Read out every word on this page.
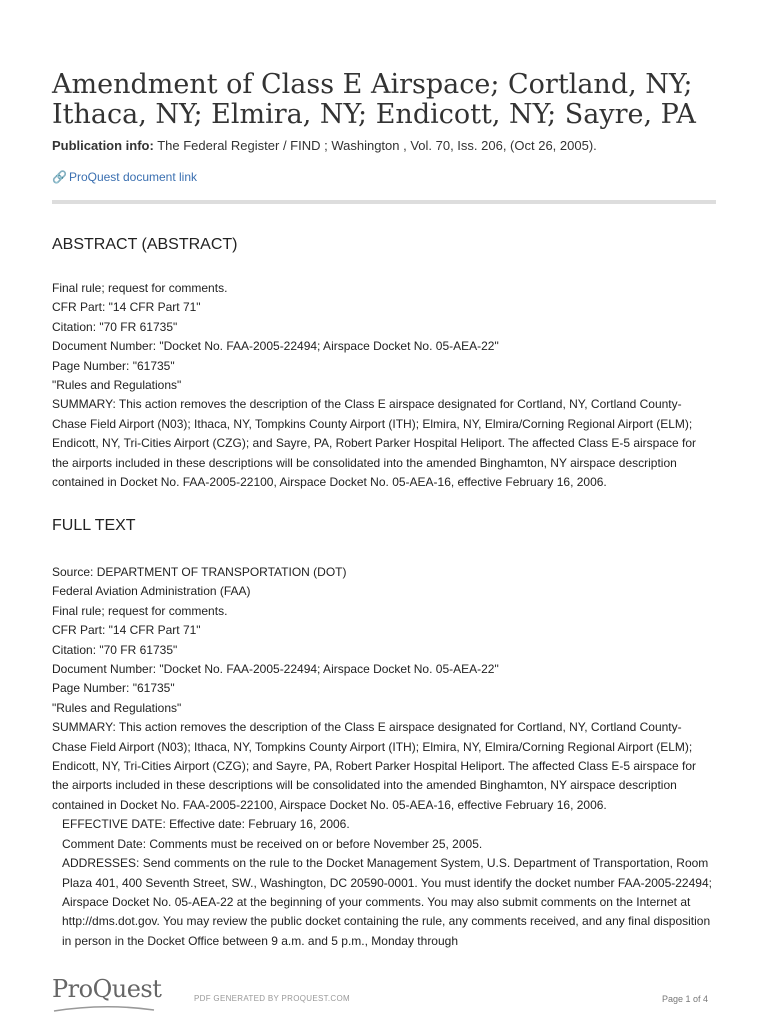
Amendment of Class E Airspace; Cortland, NY; Ithaca, NY; Elmira, NY; Endicott, NY; Sayre, PA
Publication info: The Federal Register / FIND ; Washington , Vol. 70, Iss. 206, (Oct 26, 2005).
🔗 ProQuest document link
ABSTRACT (ABSTRACT)
Final rule; request for comments.
CFR Part: "14 CFR Part 71"
Citation: "70 FR 61735"
Document Number: "Docket No. FAA-2005-22494; Airspace Docket No. 05-AEA-22"
Page Number: "61735"
"Rules and Regulations"
SUMMARY: This action removes the description of the Class E airspace designated for Cortland, NY, Cortland County-Chase Field Airport (N03); Ithaca, NY, Tompkins County Airport (ITH); Elmira, NY, Elmira/Corning Regional Airport (ELM); Endicott, NY, Tri-Cities Airport (CZG); and Sayre, PA, Robert Parker Hospital Heliport. The affected Class E-5 airspace for the airports included in these descriptions will be consolidated into the amended Binghamton, NY airspace description contained in Docket No. FAA-2005-22100, Airspace Docket No. 05-AEA-16, effective February 16, 2006.
FULL TEXT
Source: DEPARTMENT OF TRANSPORTATION (DOT)
Federal Aviation Administration (FAA)
Final rule; request for comments.
CFR Part: "14 CFR Part 71"
Citation: "70 FR 61735"
Document Number: "Docket No. FAA-2005-22494; Airspace Docket No. 05-AEA-22"
Page Number: "61735"
"Rules and Regulations"
SUMMARY: This action removes the description of the Class E airspace designated for Cortland, NY, Cortland County-Chase Field Airport (N03); Ithaca, NY, Tompkins County Airport (ITH); Elmira, NY, Elmira/Corning Regional Airport (ELM); Endicott, NY, Tri-Cities Airport (CZG); and Sayre, PA, Robert Parker Hospital Heliport. The affected Class E-5 airspace for the airports included in these descriptions will be consolidated into the amended Binghamton, NY airspace description contained in Docket No. FAA-2005-22100, Airspace Docket No. 05-AEA-16, effective February 16, 2006.
EFFECTIVE DATE: Effective date: February 16, 2006.
Comment Date: Comments must be received on or before November 25, 2005.
ADDRESSES: Send comments on the rule to the Docket Management System, U.S. Department of Transportation, Room Plaza 401, 400 Seventh Street, SW., Washington, DC 20590-0001. You must identify the docket number FAA-2005-22494; Airspace Docket No. 05-AEA-22 at the beginning of your comments. You may also submit comments on the Internet at http://dms.dot.gov. You may review the public docket containing the rule, any comments received, and any final disposition in person in the Docket Office between 9 a.m. and 5 p.m., Monday through
ProQuest	PDF GENERATED BY PROQUEST.COM	Page 1 of 4
